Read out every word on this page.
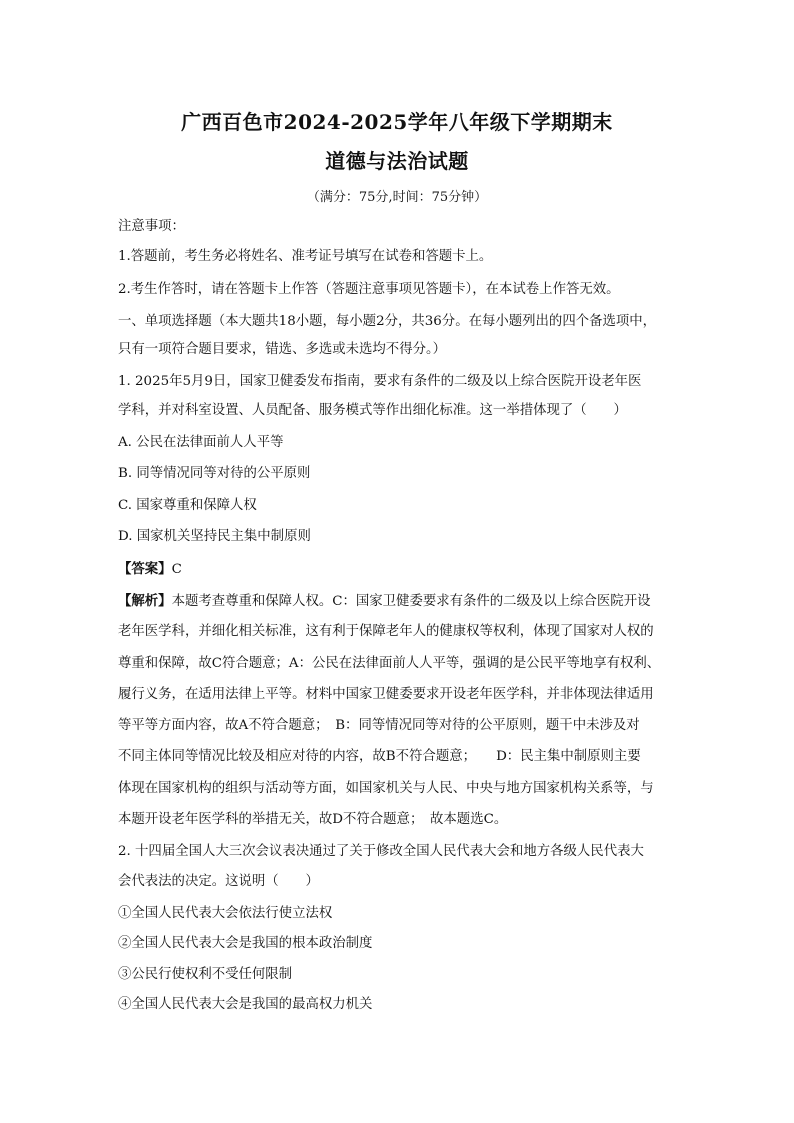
广西百色市2024-2025学年八年级下学期期末
道德与法治试题
（满分：75分,时间：75分钟）
注意事项：
1.答题前，考生务必将姓名、准考证号填写在试卷和答题卡上。
2.考生作答时，请在答题卡上作答（答题注意事项见答题卡），在本试卷上作答无效。
一、单项选择题（本大题共18小题，每小题2分，共36分。在每小题列出的四个备选项中，
只有一项符合题目要求，错选、多选或未选均不得分。）
1. 2025年5月9日，国家卫健委发布指南，要求有条件的二级及以上综合医院开设老年医
学科，并对科室设置、人员配备、服务模式等作出细化标准。这一举措体现了（　　）
A. 公民在法律面前人人平等
B. 同等情况同等对待的公平原则
C. 国家尊重和保障人权
D. 国家机关坚持民主集中制原则
【答案】C
【解析】本题考查尊重和保障人权。C：国家卫健委要求有条件的二级及以上综合医院开设
老年医学科，并细化相关标准，这有利于保障老年人的健康权等权利，体现了国家对人权的
尊重和保障，故C符合题意；A：公民在法律面前人人平等，强调的是公民平等地享有权利、
履行义务，在适用法律上平等。材料中国家卫健委要求开设老年医学科，并非体现法律适用
等平等方面内容，故A不符合题意；　B：同等情况同等对待的公平原则，题干中未涉及对
不同主体同等情况比较及相应对待的内容，故B不符合题意；　　D：民主集中制原则主要
体现在国家机构的组织与活动等方面，如国家机关与人民、中央与地方国家机构关系等，与
本题开设老年医学科的举措无关，故D不符合题意；　故本题选C。
2. 十四届全国人大三次会议表决通过了关于修改全国人民代表大会和地方各级人民代表大
会代表法的决定。这说明（　　）
①全国人民代表大会依法行使立法权
②全国人民代表大会是我国的根本政治制度
③公民行使权利不受任何限制
④全国人民代表大会是我国的最高权力机关
